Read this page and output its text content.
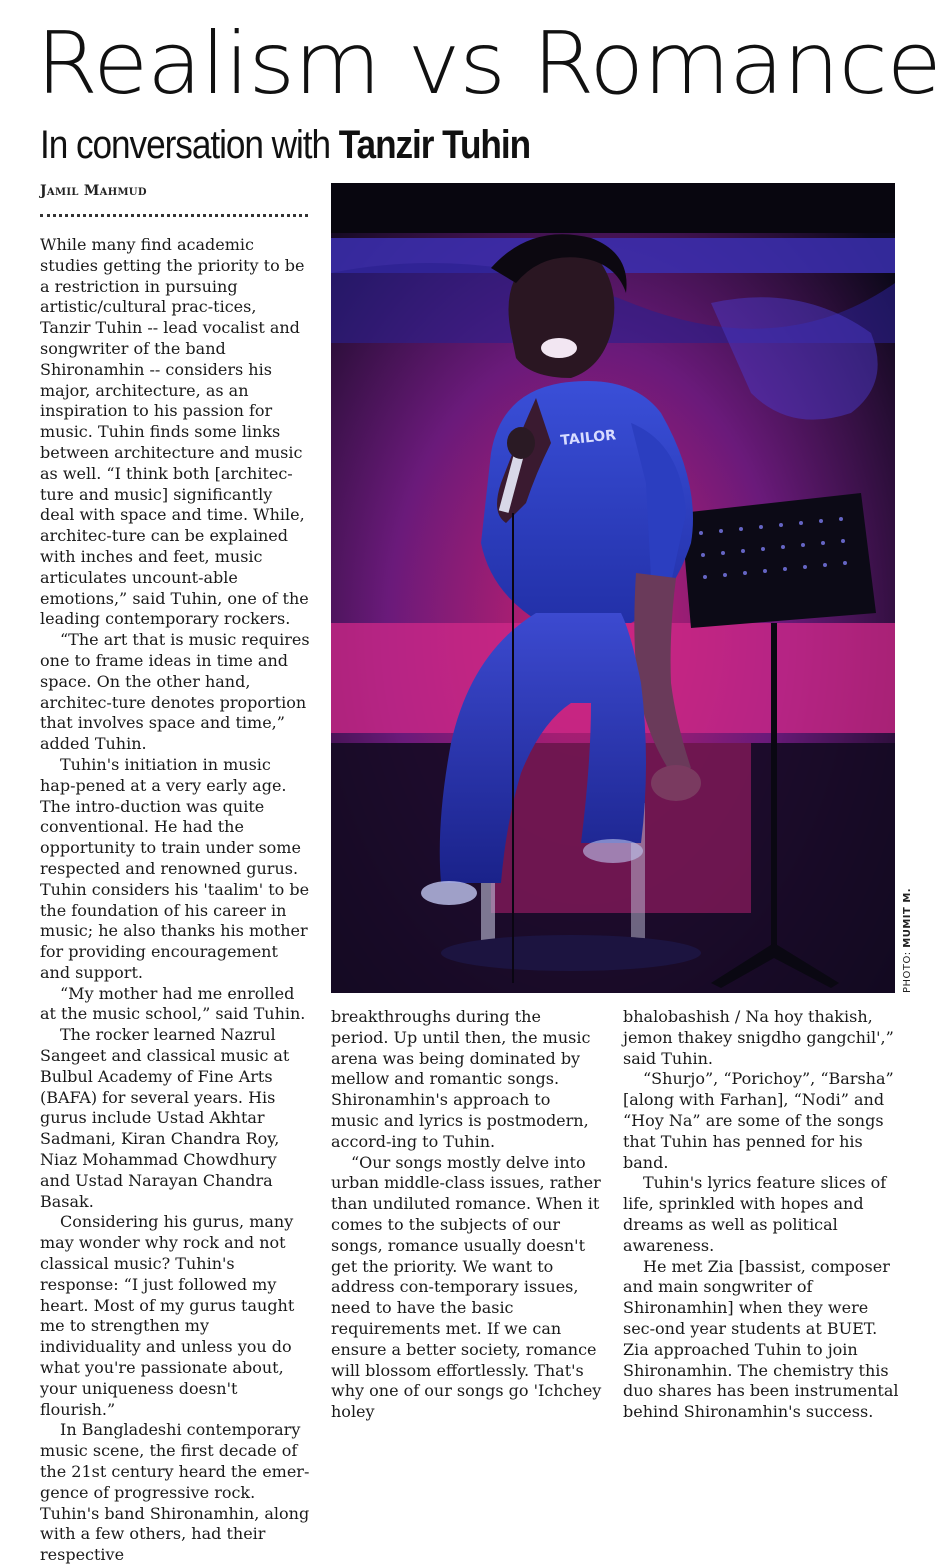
Realism vs Romance
In conversation with Tanzir Tuhin
Jamil Mahmud

While many find academic studies getting the priority to be a restriction in pursuing artistic/cultural prac-tices, Tanzir Tuhin -- lead vocalist and songwriter of the band Shironamhin -- considers his major, architecture, as an inspiration to his passion for music. Tuhin finds some links between architecture and music as well. “I think both [architec-ture and music] significantly deal with space and time. While, architec-ture can be explained with inches and feet, music articulates uncount-able emotions,” said Tuhin, one of the leading contemporary rockers.

“The art that is music requires one to frame ideas in time and space. On the other hand, architec-ture denotes proportion that involves space and time,” added Tuhin.

Tuhin's initiation in music hap-pened at a very early age. The intro-duction was quite conventional. He had the opportunity to train under some respected and renowned gurus. Tuhin considers his 'taalim' to be the foundation of his career in music; he also thanks his mother for providing encouragement and support.

“My mother had me enrolled at the music school,” said Tuhin.

The rocker learned Nazrul Sangeet and classical music at Bulbul Academy of Fine Arts (BAFA) for several years. His gurus include Ustad Akhtar Sadmani, Kiran Chandra Roy, Niaz Mohammad Chowdhury and Ustad Narayan Chandra Basak.

Considering his gurus, many may wonder why rock and not classical music? Tuhin's response: “I just followed my heart. Most of my gurus taught me to strengthen my individuality and unless you do what you're passionate about, your uniqueness doesn't flourish.”

In Bangladeshi contemporary music scene, the first decade of the 21st century heard the emer-gence of progressive rock. Tuhin's band Shironamhin, along with a few others, had their respective

TAILOR
PHOTO: MUMIT M.

breakthroughs during the period. Up until then, the music arena was being dominated by mellow and romantic songs. Shironamhin's approach to music and lyrics is postmodern, accord-ing to Tuhin.

“Our songs mostly delve into urban middle-class issues, rather than undiluted romance. When it comes to the subjects of our songs, romance usually doesn't get the priority. We want to address con-temporary issues, need to have the basic requirements met. If we can ensure a better society, romance will blossom effortlessly. That's why one of our songs go 'Ichchey holey

bhalobashish / Na hoy thakish, jemon thakey snigdho gangchil',” said Tuhin.

“Shurjo”, “Porichoy”, “Barsha” [along with Farhan], “Nodi” and “Hoy Na” are some of the songs that Tuhin has penned for his band.

Tuhin's lyrics feature slices of life, sprinkled with hopes and dreams as well as political awareness.

He met Zia [bassist, composer and main songwriter of Shironamhin] when they were sec-ond year students at BUET. Zia approached Tuhin to join Shironamhin. The chemistry this duo shares has been instrumental behind Shironamhin's success.
